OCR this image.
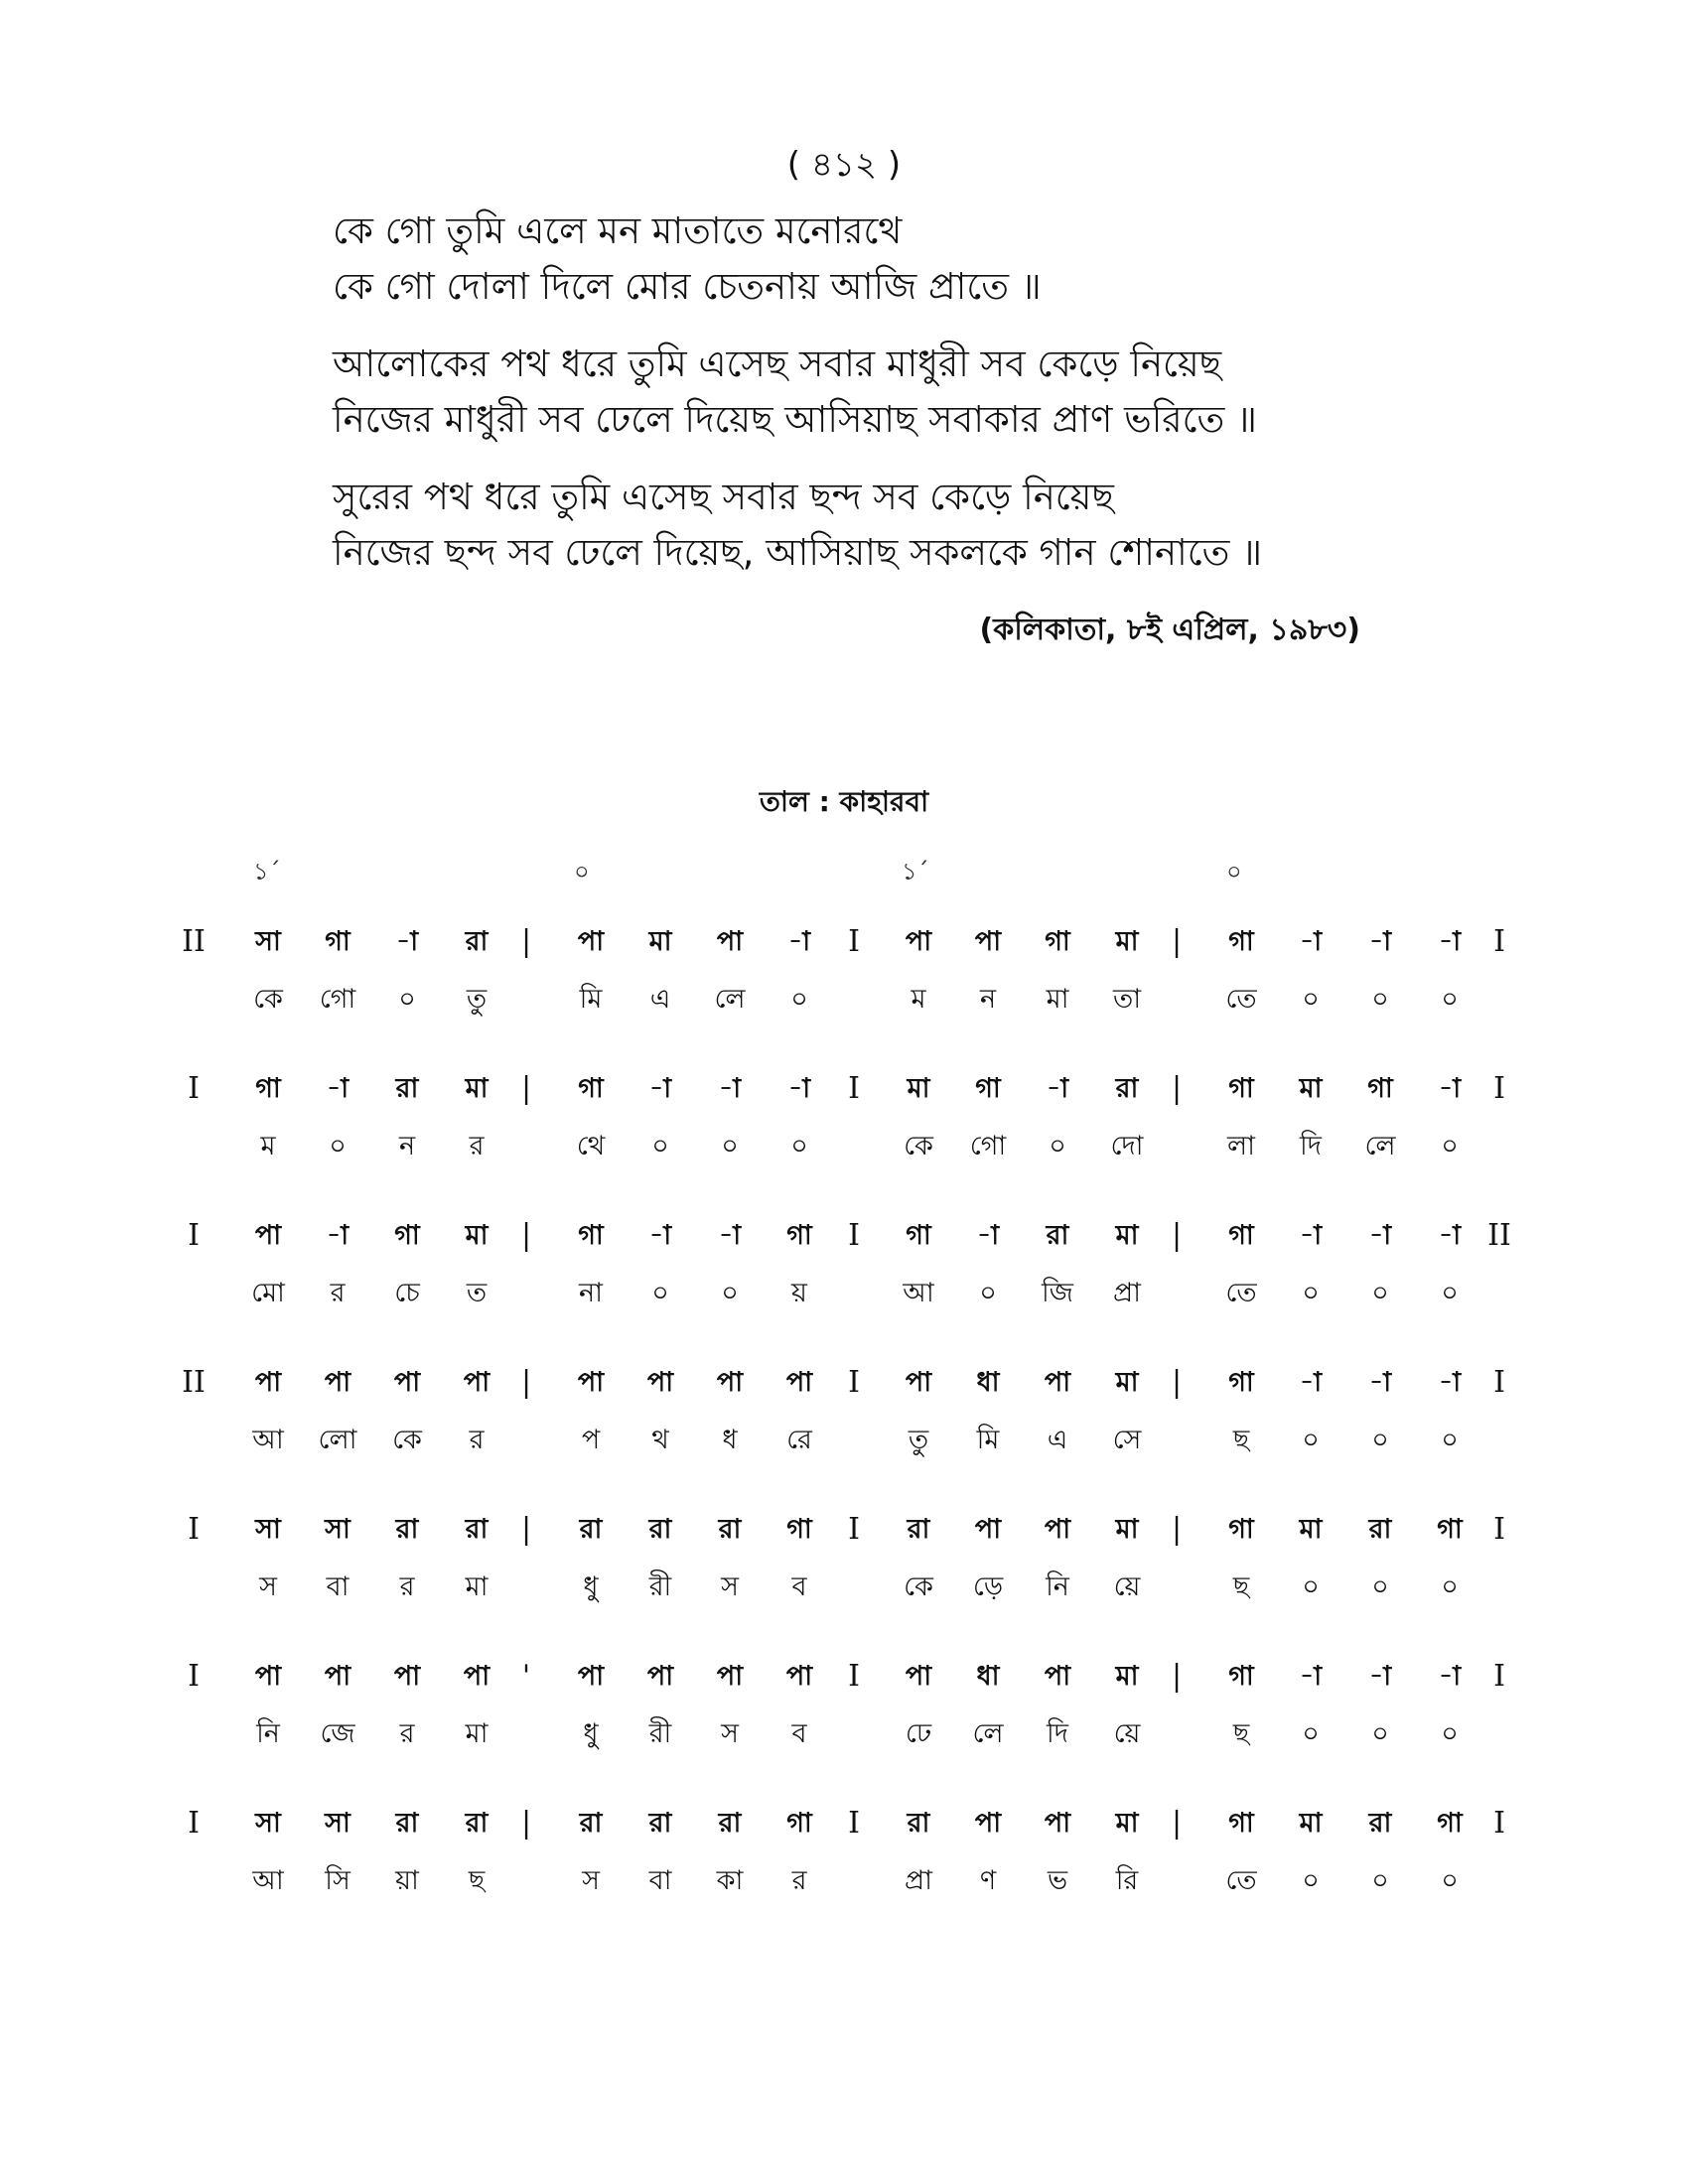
( ৪১২ )
কে গো তুমি এলে মন মাতাতে মনোরথে
কে গো দোলা দিলে মোর চেতনায় আজি প্রাতে ॥
আলোকের পথ ধরে তুমি এসেছ সবার মাধুরী সব কেড়ে নিয়েছ
নিজের মাধুরী সব ঢেলে দিয়েছ আসিয়াছ সবাকার প্রাণ ভরিতে ॥
সুরের পথ ধরে তুমি এসেছ সবার ছন্দ সব কেড়ে নিয়েছ
নিজের ছন্দ সব ঢেলে দিয়েছ, আসিয়াছ সকলকে গান শোনাতে ॥
(কলিকাতা, ৮ই এপ্রিল, ১৯৮৩)
তাল : কাহারবা
১´	০	১´	০
II	|	I	|	I
সা	গা	-া	রা	পা	মা	পা	-া	পা	পা	গা	মা	গা	-া	-া	-া
কে	গো	০	তু	মি	এ	লে	০	ম	ন	মা	তা	তে	০	০	০
I	|	I	|	I
গা	-া	রা	মা	গা	-া	-া	-া	মা	গা	-া	রা	গা	মা	গা	-া
ম	০	ন	র	থে	০	০	০	কে	গো	০	দো	লা	দি	লে	০
I	|	I	|	II
পা	-া	গা	মা	গা	-া	-া	গা	গা	-া	রা	মা	গা	-া	-া	-া
মো	র	চে	ত	না	০	০	য়	আ	০	জি	প্রা	তে	০	০	০
II	|	I	|	I
পা	পা	পা	পা	পা	পা	পা	পা	পা	ধা	পা	মা	গা	-া	-া	-া
আ	লো	কে	র	প	থ	ধ	রে	তু	মি	এ	সে	ছ	০	০	০
I	|	I	|	I
সা	সা	রা	রা	রা	রা	রা	গা	রা	পা	পা	মা	গা	মা	রা	গা
স	বা	র	মা	ধু	রী	স	ব	কে	ড়ে	নি	য়ে	ছ	০	০	০
I	'	I	|	I
পা	পা	পা	পা	পা	পা	পা	পা	পা	ধা	পা	মা	গা	-া	-া	-া
নি	জে	র	মা	ধু	রী	স	ব	ঢে	লে	দি	য়ে	ছ	০	০	০
I	|	I	|	I
সা	সা	রা	রা	রা	রা	রা	গা	রা	পা	পা	মা	গা	মা	রা	গা
আ	সি	য়া	ছ	স	বা	কা	র	প্রা	ণ	ভ	রি	তে	০	০	০
